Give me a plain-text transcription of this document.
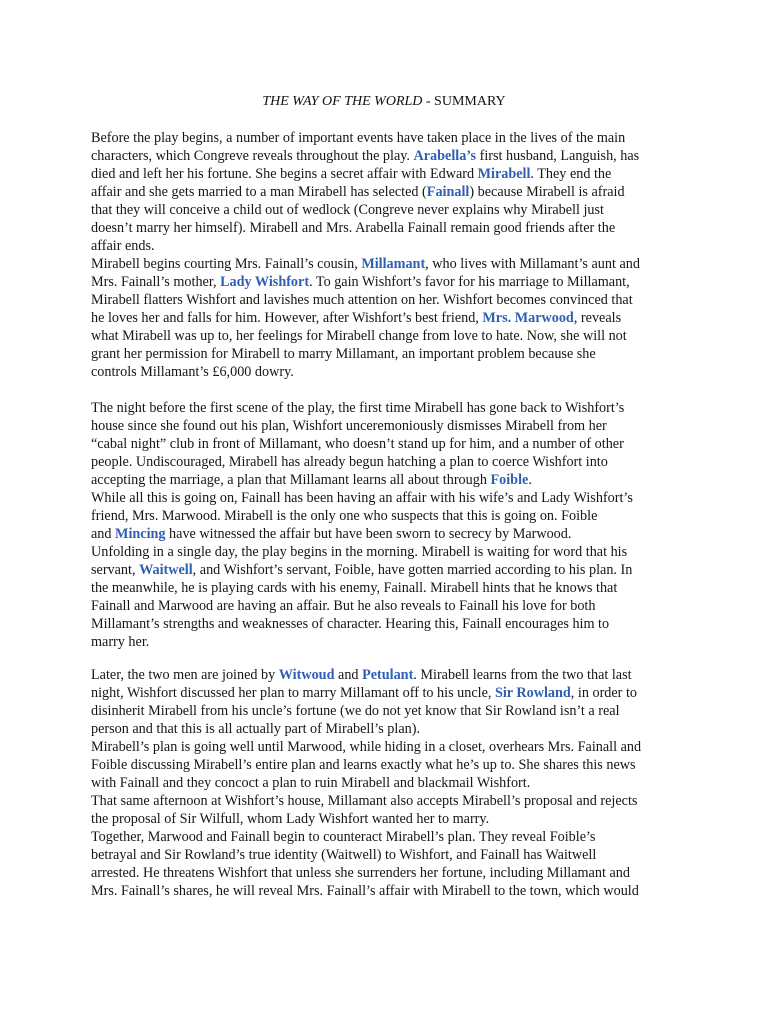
THE WAY OF THE WORLD - SUMMARY
Before the play begins, a number of important events have taken place in the lives of the main
characters, which Congreve reveals throughout the play. Arabella’s first husband, Languish, has
died and left her his fortune. She begins a secret affair with Edward Mirabell. They end the
affair and she gets married to a man Mirabell has selected (Fainall) because Mirabell is afraid
that they will conceive a child out of wedlock (Congreve never explains why Mirabell just
doesn’t marry her himself). Mirabell and Mrs. Arabella Fainall remain good friends after the
affair ends.
Mirabell begins courting Mrs. Fainall’s cousin, Millamant, who lives with Millamant’s aunt and
Mrs. Fainall’s mother, Lady Wishfort. To gain Wishfort’s favor for his marriage to Millamant,
Mirabell flatters Wishfort and lavishes much attention on her. Wishfort becomes convinced that
he loves her and falls for him. However, after Wishfort’s best friend, Mrs. Marwood, reveals
what Mirabell was up to, her feelings for Mirabell change from love to hate. Now, she will not
grant her permission for Mirabell to marry Millamant, an important problem because she
controls Millamant’s £6,000 dowry.
The night before the first scene of the play, the first time Mirabell has gone back to Wishfort’s
house since she found out his plan, Wishfort unceremoniously dismisses Mirabell from her
“cabal night” club in front of Millamant, who doesn’t stand up for him, and a number of other
people. Undiscouraged, Mirabell has already begun hatching a plan to coerce Wishfort into
accepting the marriage, a plan that Millamant learns all about through Foible.
While all this is going on, Fainall has been having an affair with his wife’s and Lady Wishfort’s
friend, Mrs. Marwood. Mirabell is the only one who suspects that this is going on. Foible
and Mincing have witnessed the affair but have been sworn to secrecy by Marwood.
Unfolding in a single day, the play begins in the morning. Mirabell is waiting for word that his
servant, Waitwell, and Wishfort’s servant, Foible, have gotten married according to his plan. In
the meanwhile, he is playing cards with his enemy, Fainall. Mirabell hints that he knows that
Fainall and Marwood are having an affair. But he also reveals to Fainall his love for both
Millamant’s strengths and weaknesses of character. Hearing this, Fainall encourages him to
marry her.
Later, the two men are joined by Witwoud and Petulant. Mirabell learns from the two that last
night, Wishfort discussed her plan to marry Millamant off to his uncle, Sir Rowland, in order to
disinherit Mirabell from his uncle’s fortune (we do not yet know that Sir Rowland isn’t a real
person and that this is all actually part of Mirabell’s plan).
Mirabell’s plan is going well until Marwood, while hiding in a closet, overhears Mrs. Fainall and
Foible discussing Mirabell’s entire plan and learns exactly what he’s up to. She shares this news
with Fainall and they concoct a plan to ruin Mirabell and blackmail Wishfort.
That same afternoon at Wishfort’s house, Millamant also accepts Mirabell’s proposal and rejects
the proposal of Sir Wilfull, whom Lady Wishfort wanted her to marry.
Together, Marwood and Fainall begin to counteract Mirabell’s plan. They reveal Foible’s
betrayal and Sir Rowland’s true identity (Waitwell) to Wishfort, and Fainall has Waitwell
arrested. He threatens Wishfort that unless she surrenders her fortune, including Millamant and
Mrs. Fainall’s shares, he will reveal Mrs. Fainall’s affair with Mirabell to the town, which would
